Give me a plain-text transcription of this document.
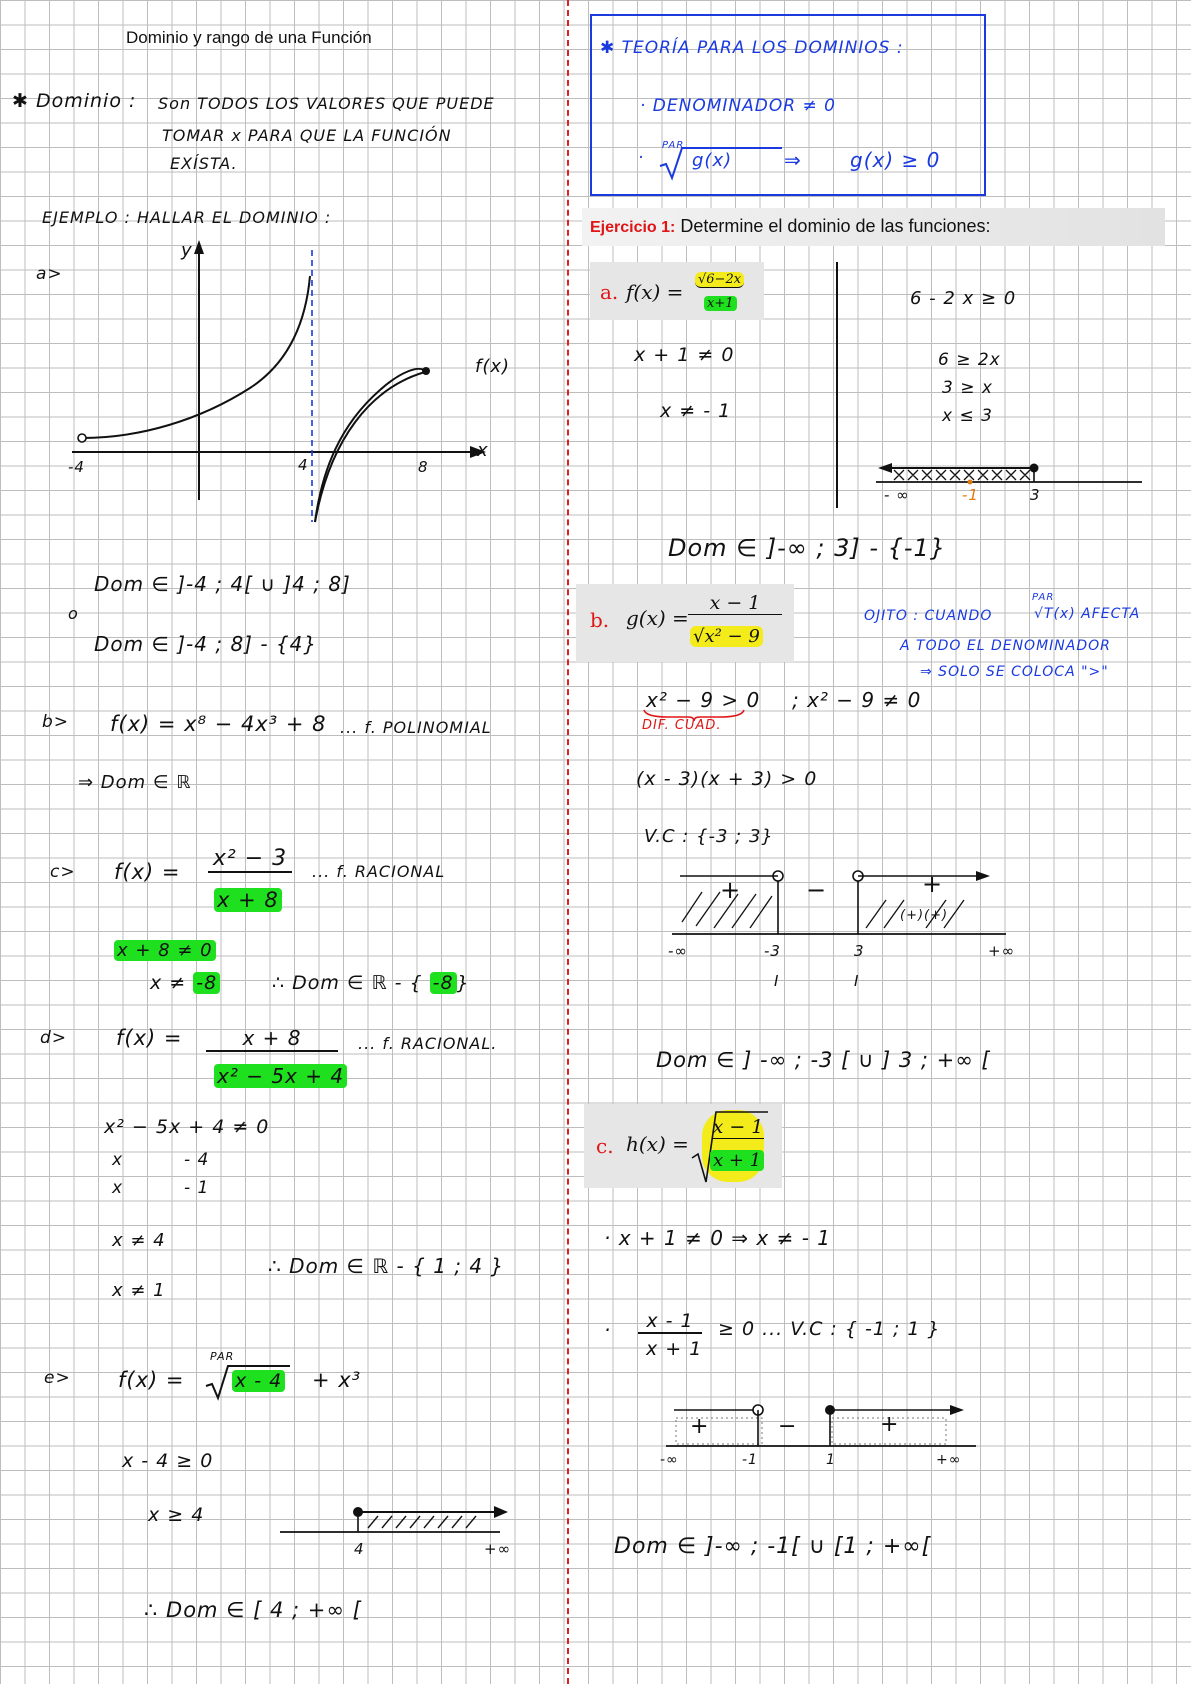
Dominio y rango de una Función
✱ Dominio : Son TODOS LOS VALORES QUE PUEDE
TOMAR x PARA QUE LA FUNCIÓN
EXÍSTA.
EJEMPLO : HALLAR EL DOMINIO :
a>
y
x
f(x)
-4	4	8
Dom ∈ ]-4 ; 4[ ∪ ]4 ; 8]
o
Dom ∈ ]-4 ; 8] - {4}
b> f(x) = x⁸ − 4x³ + 8 ... f. POLINOMIAL
⇒ Dom ∈ ℝ
c> f(x) =
x² − 3
x + 8
... f. RACIONAL
x + 8 ≠ 0
x ≠ -8	∴ Dom ∈ ℝ - { -8 }
d> f(x) =	x + 8
x² − 5x + 4
... f. RACIONAL.
x² − 5x + 4 ≠ 0
x	- 4
x	- 1
x ≠ 4
x ≠ 1
∴ Dom ∈ ℝ - { 1 ; 4 }
e> f(x) =
PAR
x - 4 + x³
x - 4 ≥ 0
x ≥ 4
4	+∞
∴ Dom ∈ [ 4 ; +∞ [
✱ TEORÍA PARA LOS DOMINIOS :
· DENOMINADOR ≠ 0
·
PAR
g(x)	⇒ g(x) ≥ 0
Ejercicio 1: Determine el dominio de las funciones:
a. f(x) =
√6−2x
x+1
x + 1 ≠ 0
x ≠ - 1
6 - 2 x ≥ 0
6 ≥ 2x
3 ≥ x
x ≤ 3
- ∞	-1	3
Dom ∈ ]-∞ ; 3] - {-1}
b. g(x) =
x − 1
√x² − 9
OJITO : CUANDO
PAR
√T(x) AFECTA
A TODO EL DENOMINADOR
⇒ SOLO SE COLOCA ">"
x² − 9 > 0 ; x² − 9 ≠ 0
DIF. CUAD.
(x - 3)(x + 3) > 0
V.C : {-3 ; 3}
+	−	+
(+)(+)
-∞	-3	3	+∞
I	I
Dom ∈ ] -∞ ; -3 [ ∪ ] 3 ; +∞ [
c. h(x) =
x − 1
x + 1
· x + 1 ≠ 0 ⇒ x ≠ - 1
·	x - 1
x + 1
≥ 0 ... V.C : { -1 ; 1 }
+	−	+
-∞	-1	1	+∞
Dom ∈ ]-∞ ; -1[ ∪ [1 ; +∞[
